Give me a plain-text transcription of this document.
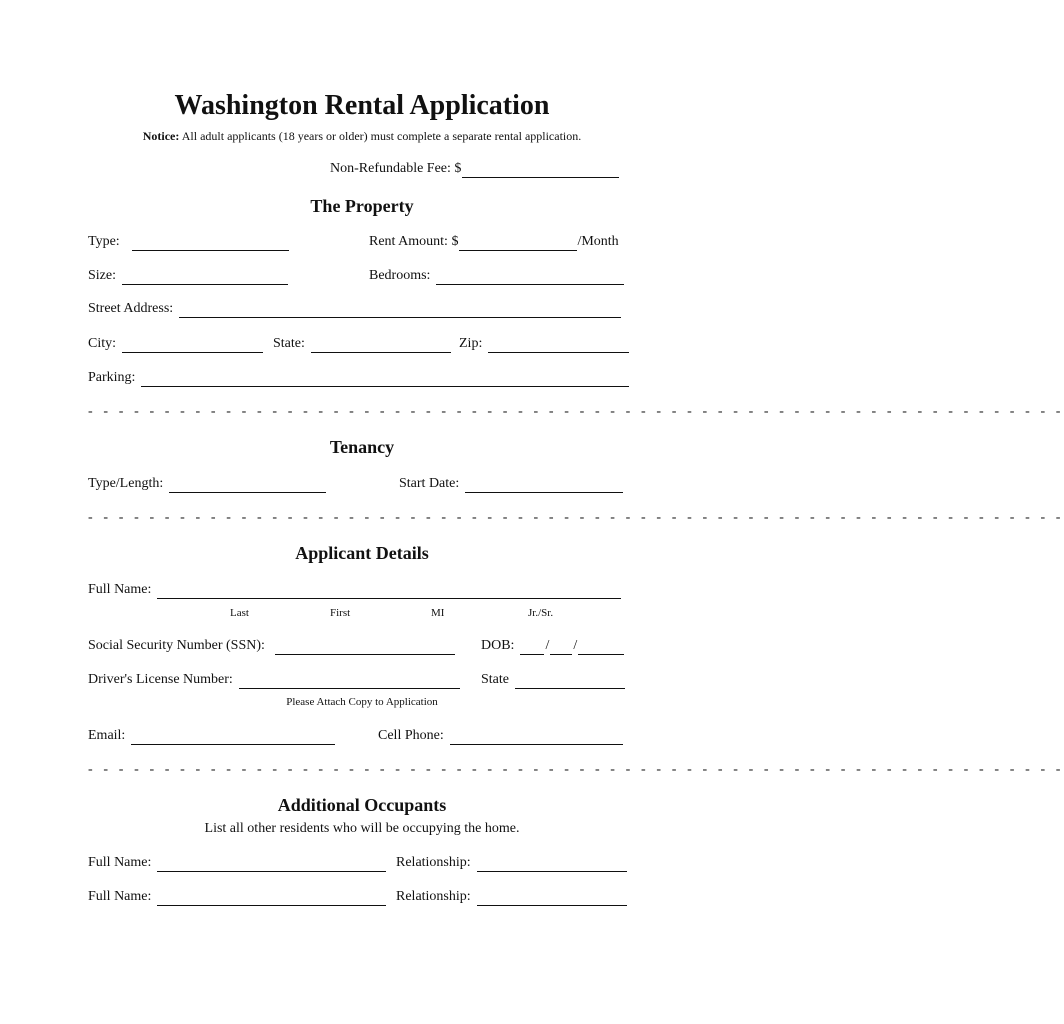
Washington Rental Application
Notice: All adult applicants (18 years or older) must complete a separate rental application.
Non-Refundable Fee: $
The Property
Type:	Rent Amount: $	/Month
Size:	Bedrooms:
Street Address:
City:	State:	Zip:
Parking:
- - - - - - - - - - - - - - - - - - - - - - - - - - - - - - - - - - - - - - - - - - - - - - - - - - - - - - - - - - - - - - - -
Tenancy
Type/Length:	Start Date:
- - - - - - - - - - - - - - - - - - - - - - - - - - - - - - - - - - - - - - - - - - - - - - - - - - - - - - - - - - - - - - - -
Applicant Details
Full Name:
Last	First	MI	Jr./Sr.
Social Security Number (SSN):	DOB: / /
Driver's License Number:	State
Please Attach Copy to Application
Email:	Cell Phone:
- - - - - - - - - - - - - - - - - - - - - - - - - - - - - - - - - - - - - - - - - - - - - - - - - - - - - - - - - - - - - - - -
Additional Occupants
List all other residents who will be occupying the home.
Full Name:	Relationship:
Full Name:	Relationship:
